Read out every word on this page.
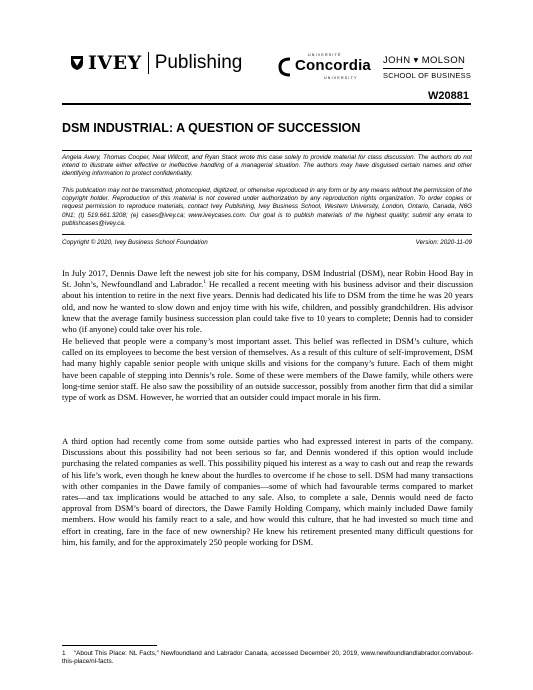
IVEY Publishing	UNIVERSITÉ
Concordia
UNIVERSITY
JOHN ▾ MOLSON
SCHOOL OF BUSINESS
W20881
DSM INDUSTRIAL: A QUESTION OF SUCCESSION

Angela Avery, Thomas Cooper, Neal Willcott, and Ryan Stack wrote this case solely to provide material for class discussion. The authors do not intend to illustrate either effective or ineffective handling of a managerial situation. The authors may have disguised certain names and other identifying information to protect confidentiality.

This publication may not be transmitted, photocopied, digitized, or otherwise reproduced in any form or by any means without the permission of the copyright holder. Reproduction of this material is not covered under authorization by any reproduction rights organization. To order copies or request permission to reproduce materials, contact Ivey Publishing, Ivey Business School, Western University, London, Ontario, Canada, N6G 0N1; (t) 519.661.3208; (e) cases@ivey.ca; www.iveycases.com. Our goal is to publish materials of the highest quality; submit any errata to publishcases@ivey.ca.

Copyright © 2020, Ivey Business School Foundation	Version: 2020-11-09

In July 2017, Dennis Dawe left the newest job site for his company, DSM Industrial (DSM), near Robin Hood Bay in St. John’s, Newfoundland and Labrador.$^1$ He recalled a recent meeting with his business advisor and their discussion about his intention to retire in the next five years. Dennis had dedicated his life to DSM from the time he was 20 years old, and now he wanted to slow down and enjoy time with his wife, children, and possibly grandchildren. His advisor knew that the average family business succession plan could take five to 10 years to complete; Dennis had to consider who (if anyone) could take over his role.

He believed that people were a company’s most important asset. This belief was reflected in DSM’s culture, which called on its employees to become the best version of themselves. As a result of this culture of self-improvement, DSM had many highly capable senior people with unique skills and visions for the company’s future. Each of them might have been capable of stepping into Dennis’s role. Some of these were members of the Dawe family, while others were long-time senior staff. He also saw the possibility of an outside successor, possibly from another firm that did a similar type of work as DSM. However, he worried that an outsider could impact morale in his firm.

A third option had recently come from some outside parties who had expressed interest in parts of the company. Discussions about this possibility had not been serious so far, and Dennis wondered if this option would include purchasing the related companies as well. This possibility piqued his interest as a way to cash out and reap the rewards of his life’s work, even though he knew about the hurdles to overcome if he chose to sell. DSM had many transactions with other companies in the Dawe family of companies—some of which had favourable terms compared to market rates—and tax implications would be attached to any sale. Also, to complete a sale, Dennis would need de facto approval from DSM’s board of directors, the Dawe Family Holding Company, which mainly included Dawe family members. How would his family react to a sale, and how would this culture, that he had invested so much time and effort in creating, fare in the face of new ownership? He knew his retirement presented many difficult questions for him, his family, and for the approximately 250 people working for DSM.

1 “About This Place: NL Facts,” Newfoundland and Labrador Canada, accessed December 20, 2019, www.newfoundlandlabrador.com/about-this-place/nl-facts.
